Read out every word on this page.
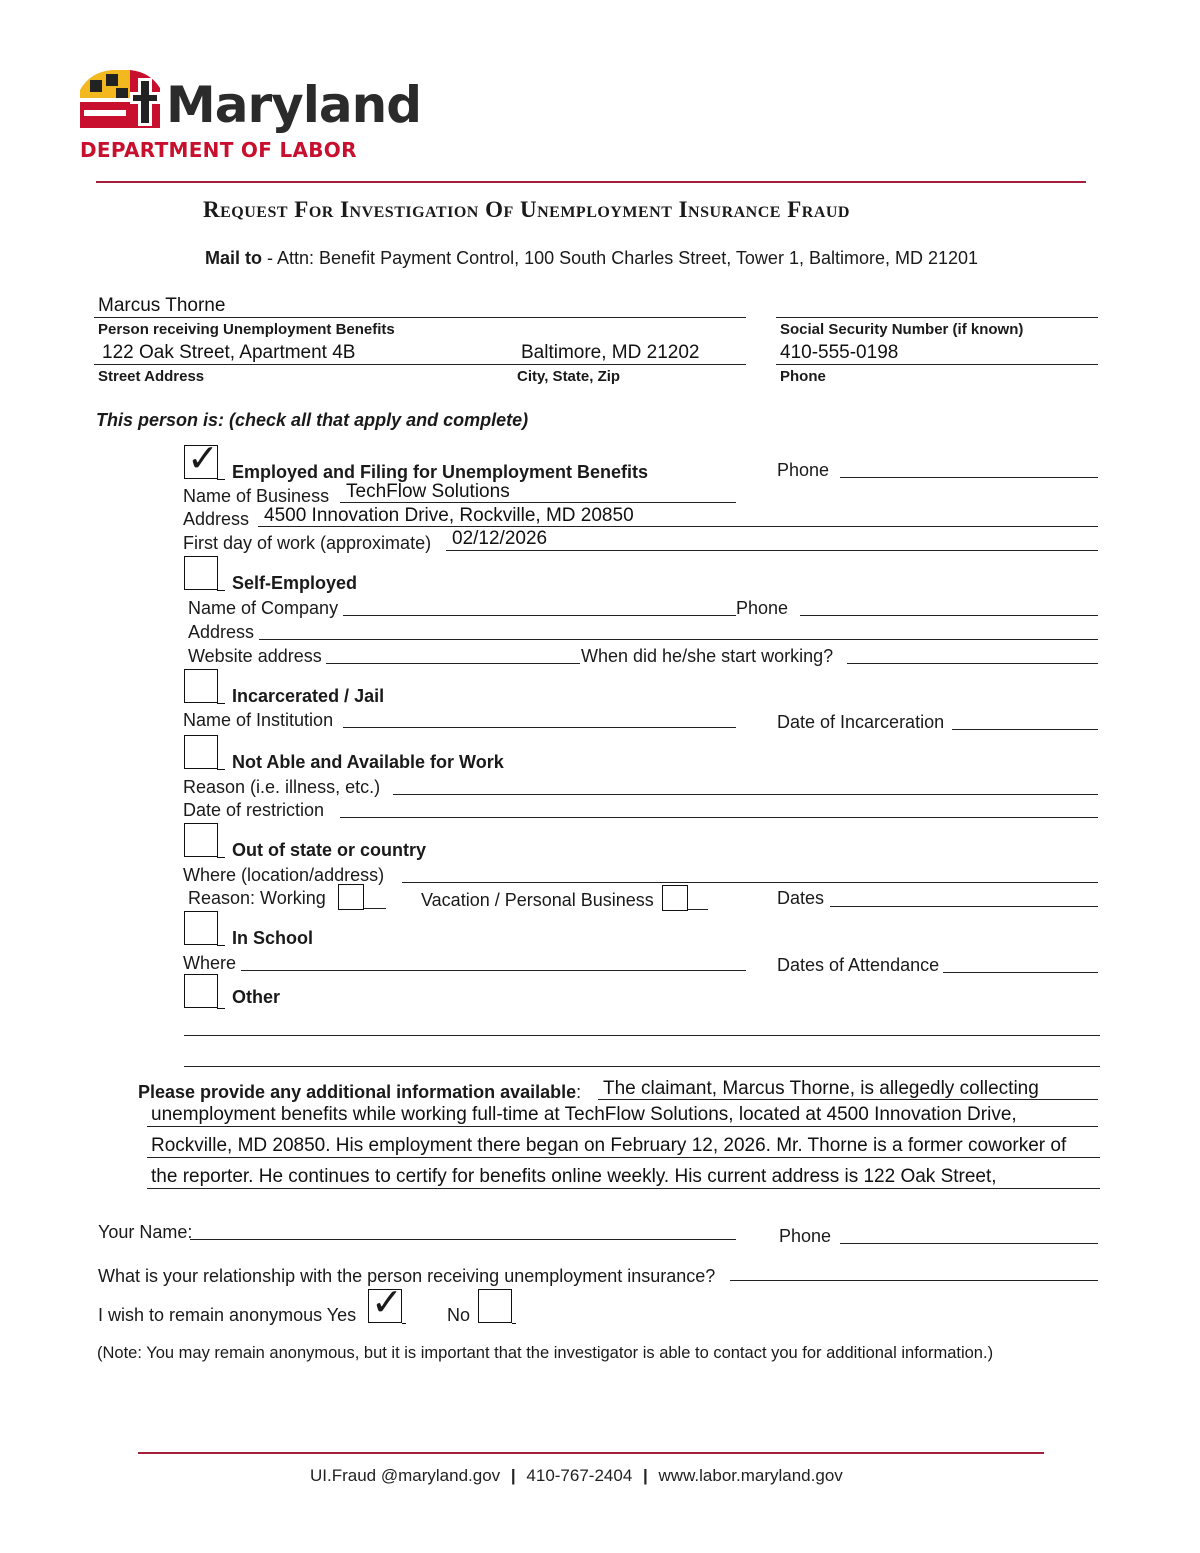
Maryland
DEPARTMENT OF LABOR
Request For Investigation Of Unemployment Insurance Fraud
Mail to - Attn: Benefit Payment Control, 100 South Charles Street, Tower 1, Baltimore, MD 21201
Marcus Thorne
Person receiving Unemployment Benefits	Social Security Number (if known)
122 Oak Street, Apartment 4B	Baltimore, MD 21202	410-555-0198
Street Address	City, State, Zip	Phone
This person is: (check all that apply and complete)
✓ Employed and Filing for Unemployment Benefits	Phone
Name of Business TechFlow Solutions
Address 4500 Innovation Drive, Rockville, MD 20850
First day of work (approximate) 02/12/2026
Self-Employed
Name of Company	Phone
Address
Website address	When did he/she start working?
Incarcerated / Jail
Name of Institution	Date of Incarceration
Not Able and Available for Work
Reason (i.e. illness, etc.)
Date of restriction
Out of state or country
Where (location/address)
Reason: Working	Vacation / Personal Business	Dates
In School
Where	Dates of Attendance
Other
Please provide any additional information available: The claimant, Marcus Thorne, is allegedly collecting
unemployment benefits while working full-time at TechFlow Solutions, located at 4500 Innovation Drive,
Rockville, MD 20850. His employment there began on February 12, 2026. Mr. Thorne is a former coworker of
the reporter. He continues to certify for benefits online weekly. His current address is 122 Oak Street,
Your Name:	Phone
What is your relationship with the person receiving unemployment insurance?
I wish to remain anonymous Yes ✓ No
(Note: You may remain anonymous, but it is important that the investigator is able to contact you for additional information.)
UI.Fraud @maryland.gov | 410-767-2404 | www.labor.maryland.gov
